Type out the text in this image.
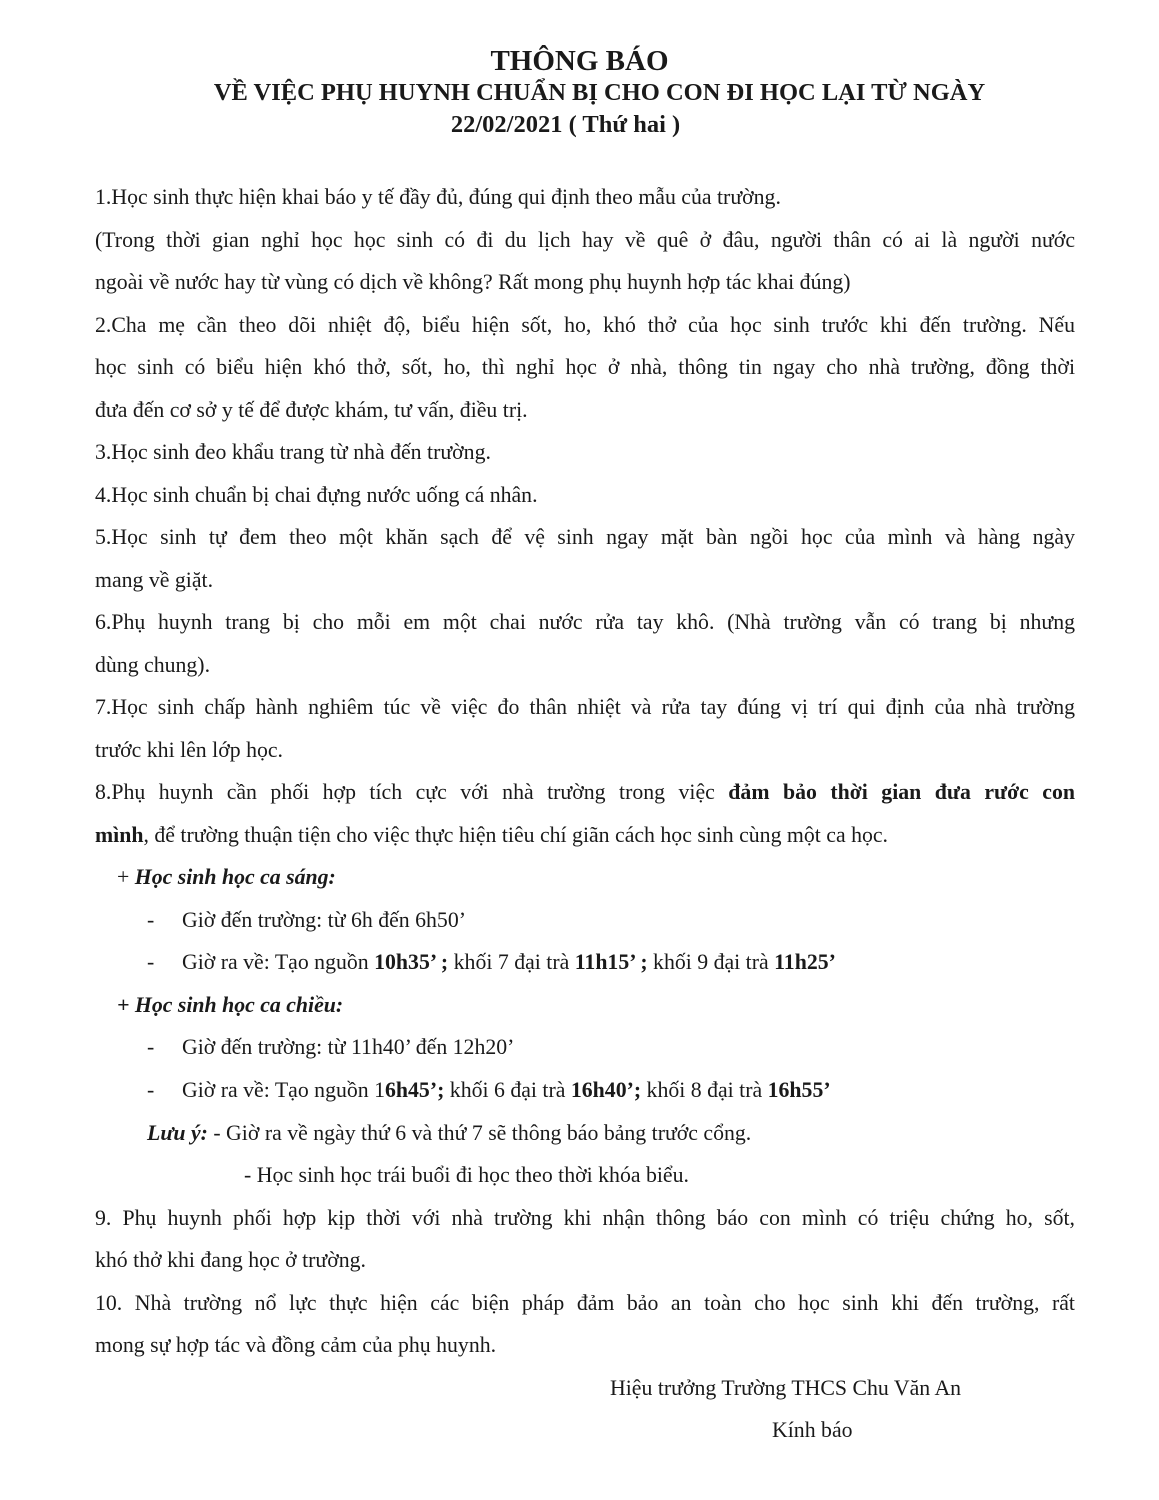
THÔNG BÁO
VỀ VIỆC PHỤ HUYNH CHUẨN BỊ CHO CON ĐI HỌC LẠI TỪ NGÀY
22/02/2021 ( Thứ hai )
1.Học sinh thực hiện khai báo y tế đầy đủ, đúng qui định theo mẫu của trường.
(Trong thời gian nghỉ học học sinh có đi du lịch hay về quê ở đâu, người thân có ai là người nước
ngoài về nước hay từ vùng có dịch về không? Rất mong phụ huynh hợp tác khai đúng)
2.Cha mẹ cần theo dõi nhiệt độ, biểu hiện sốt, ho, khó thở của học sinh trước khi đến trường. Nếu
học sinh có biểu hiện khó thở, sốt, ho, thì nghỉ học ở nhà, thông tin ngay cho nhà trường, đồng thời
đưa đến cơ sở y tế để được khám, tư vấn, điều trị.
3.Học sinh đeo khẩu trang từ nhà đến trường.
4.Học sinh chuẩn bị chai đựng nước uống cá nhân.
5.Học sinh tự đem theo một khăn sạch để vệ sinh ngay mặt bàn ngồi học của mình và hàng ngày
mang về giặt.
6.Phụ huynh trang bị cho mỗi em một chai nước rửa tay khô. (Nhà trường vẫn có trang bị nhưng
dùng chung).
7.Học sinh chấp hành nghiêm túc về việc đo thân nhiệt và rửa tay đúng vị trí qui định của nhà trường
trước khi lên lớp học.
8.Phụ huynh cần phối hợp tích cực với nhà trường trong việc đảm bảo thời gian đưa rước con
mình, để trường thuận tiện cho việc thực hiện tiêu chí giãn cách học sinh cùng một ca học.
+ Học sinh học ca sáng:
- Giờ đến trường: từ 6h đến 6h50’
- Giờ ra về: Tạo nguồn 10h35’ ; khối 7 đại trà 11h15’ ; khối 9 đại trà 11h25’
+ Học sinh học ca chiều:
- Giờ đến trường: từ 11h40’ đến 12h20’
- Giờ ra về: Tạo nguồn 16h45’; khối 6 đại trà 16h40’; khối 8 đại trà 16h55’
Lưu ý: - Giờ ra về ngày thứ 6 và thứ 7 sẽ thông báo bảng trước cổng.
- Học sinh học trái buổi đi học theo thời khóa biểu.
9. Phụ huynh phối hợp kịp thời với nhà trường khi nhận thông báo con mình có triệu chứng ho, sốt,
khó thở khi đang học ở trường.
10. Nhà trường nổ lực thực hiện các biện pháp đảm bảo an toàn cho học sinh khi đến trường, rất
mong sự hợp tác và đồng cảm của phụ huynh.
Hiệu trưởng Trường THCS Chu Văn An
Kính báo
